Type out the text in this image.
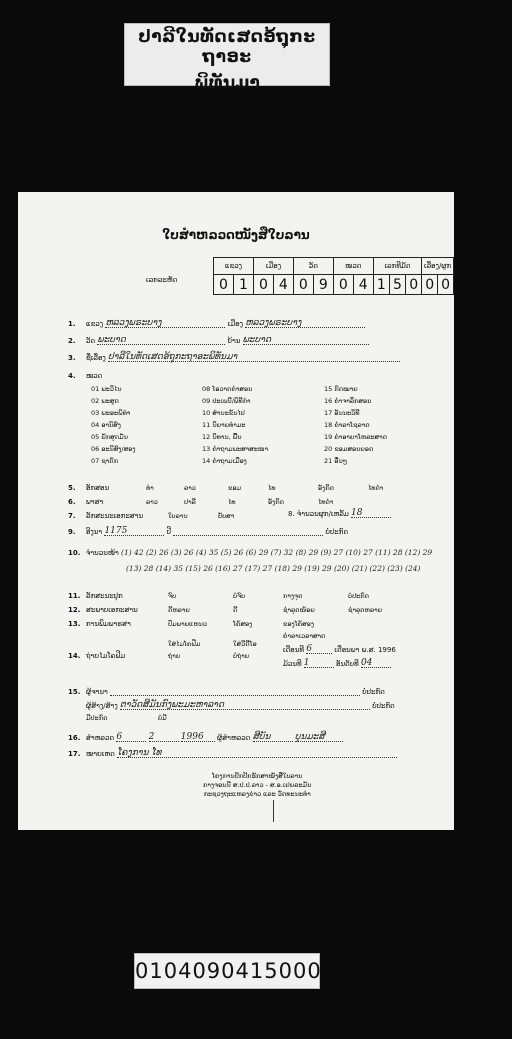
ປາລີໃນທັດເສດອ້ຖຸກະຖາອະ
ພິທັນມາ
ໃບສຳຫລວດໜັງສືໃບລານ
ເລກລະຫັດ
ແຂວງ		ເມືອງ		ວັດ		ໝວດ		ເລກທີມັດ			ເລື່ອງ/ຜູກ	
0	1	0	4	0	9	0	4	1	5	0	0	0
1. ແຂວງ ຫລວງພຣະບາງ	ເມືອງ ຫລວງພຣະບາງ
2. ວັດ ພະບາດ	ບ້ານ ພະບາດ
3. ຊື່ເລື່ອງ ປາລີໃນທັດເສດອ້ຖຸກະຖາອະພິທັນມາ
4. ໝວດ
01 ພະວິໄນ
02 ພະສູດ
03 ພະອະພິທຳ
04 ອານິສົງ
05 ຍັກສຸດມັ່ນ
06 ອະນິສົງ/ສອງ
07 ຊາດົກ
08 ໂອວາດຄຳສອນ
09 ປະເພນີ/ພິທີກຳ
10 ສຳນະຂັນໄປ
11 ນິຍາຍທຳມະ
12 ນິທານ, ພື້ນ
13 ຄຳຖາມພະສາສະໜາ
14 ຄຳຖາມເມືອງ
15 ກົດໝາຍ
16 ຄຳຈາລຶກສອນ
17 ອັນນະວິທີ
18 ຄຳລາໂຊລາດ
19 ຄຳອາຍາໂຫລະສາດ
20 ຂອມສອນຍອດ
21 ອື່ນໆ
5. ອັກສອນ	ທຳ	ລາວ	ຂອມ	ໄທ	ອັງກິດ	ໄທດຳ
6. ພາສາ	ລາວ	ປາລີ	ໄທ	ອັງກິດ	ໄທດຳ
7. ລັກສະນະເອກະສານ	ໃບລານ	ບັບສາ	8. ຈຳນວນຜູກ/ເຫລັ້ມ 18
9. ອີງນາ 1175	ປີ	ບໍ່ປະກົດ
10. ຈຳນວນໜ້າ (1) 42 (2) 26 (3) 26 (4) 35 (5) 26 (6) 29 (7) 32 (8) 29 (9) 27 (10) 27 (11) 28 (12) 29
(13) 28 (14) 35 (15) 26 (16) 27 (17) 27 (18) 29 (19) 29 (20) (21) (22) (23) (24)
11. ລັກສະນະປຸກ	ຈົບ	ບໍ່ຈົບ	ກາງຈຸດ	ບໍ່ປະກົດ
12. ສະພາບເອກະສານ	ດີຫລາຍ	ດີ	ຊຳລຸດໜ້ອຍ	ຊຳລຸດຫລາຍ
13. ການພິມພາຣສາ	ປົ່ມພາຍແຫນວ	ໂຄ້ສອງ	ຂອງໂຄ້ສອງ
ຄຳລາເວລາສາດ
14. ຖ່າຍໄມໂຄຟີມ	ຖ່າຍ	ບໍ່ຖ່າຍ
ໃສ່ໄມໂຄຟີມ	ໃສ່ວີດີໂອ
ເດືອນທີ 6	ເດືອນພາ ພ.ສ. 1996
ມ້ວນທີ 1	ອັນດັບທີ 04
15. ຜູ້ຈານາ	ບໍ່ປະກົດ
ຜູ້ສ້າງ/ສ້າງ ຕາວັດສີມັນກົງພະມະຫາລາດ	ບໍ່ປະກົດ
ມີປະກົດ	ບໍ່ມີ
16. ສຳຫລວດ 6	2	1996 ຜູ້ສຳຫລວດ ສີບັນ	ບຸນມະສີ
17. ໝາຍເຫດ ໂຄງການ ໂທ
ໂຄງການປັກປັກຮັກສາໜັງສືໃບລານ
ກາງຈອນນີ ສ.ປ.ປ.ລາວ - ສ.ອ.ເຢຍລະມັນ
ກະຊວງຖະແຫລງຂ່າວ ແລະ ວັດທະນະທຳ
0104090415000
